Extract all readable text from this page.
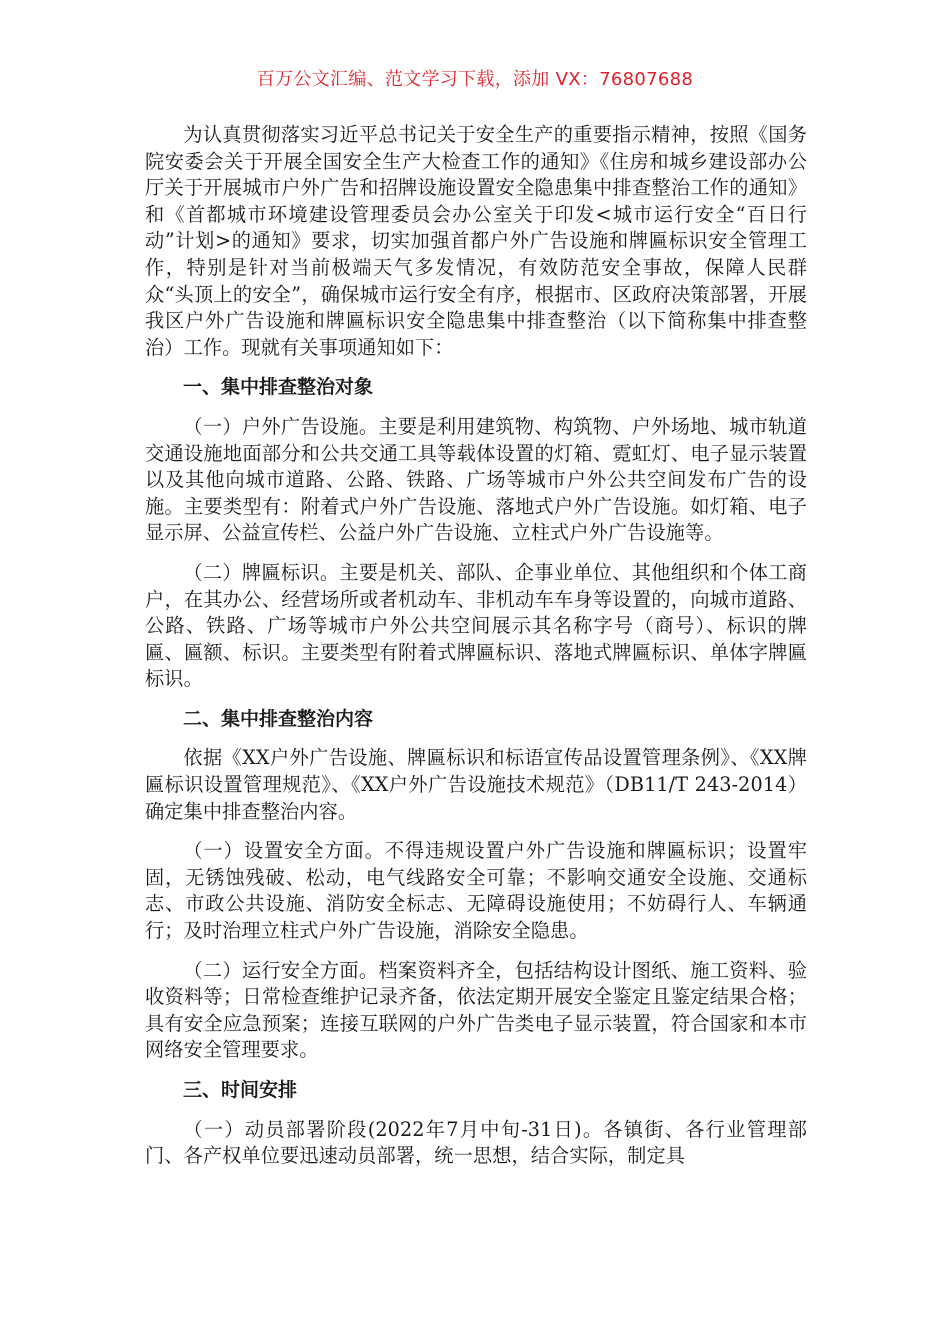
百万公文汇编、范文学习下载，添加 VX：76807688

为认真贯彻落实习近平总书记关于安全生产的重要指示精神，按照《国务院安委会关于开展全国安全生产大检查工作的通知》《住房和城乡建设部办公厅关于开展城市户外广告和招牌设施设置安全隐患集中排查整治工作的通知》和《首都城市环境建设管理委员会办公室关于印发<城市运行安全“百日行动”计划>的通知》要求，切实加强首都户外广告设施和牌匾标识安全管理工作，特别是针对当前极端天气多发情况，有效防范安全事故，保障人民群众“头顶上的安全”，确保城市运行安全有序，根据市、区政府决策部署，开展我区户外广告设施和牌匾标识安全隐患集中排查整治（以下简称集中排查整治）工作。现就有关事项通知如下：

一、集中排查整治对象

（一）户外广告设施。主要是利用建筑物、构筑物、户外场地、城市轨道交通设施地面部分和公共交通工具等载体设置的灯箱、霓虹灯、电子显示装置以及其他向城市道路、公路、铁路、广场等城市户外公共空间发布广告的设施。主要类型有：附着式户外广告设施、落地式户外广告设施。如灯箱、电子显示屏、公益宣传栏、公益户外广告设施、立柱式户外广告设施等。

（二）牌匾标识。主要是机关、部队、企事业单位、其他组织和个体工商户，在其办公、经营场所或者机动车、非机动车车身等设置的，向城市道路、公路、铁路、广场等城市户外公共空间展示其名称字号（商号）、标识的牌匾、匾额、标识。主要类型有附着式牌匾标识、落地式牌匾标识、单体字牌匾标识。

二、集中排查整治内容

依据《XX户外广告设施、牌匾标识和标语宣传品设置管理条例》、《XX牌匾标识设置管理规范》、《XX户外广告设施技术规范》（DB11/T 243-2014）确定集中排查整治内容。

（一）设置安全方面。不得违规设置户外广告设施和牌匾标识；设置牢固，无锈蚀残破、松动，电气线路安全可靠；不影响交通安全设施、交通标志、市政公共设施、消防安全标志、无障碍设施使用；不妨碍行人、车辆通行；及时治理立柱式户外广告设施，消除安全隐患。

（二）运行安全方面。档案资料齐全，包括结构设计图纸、施工资料、验收资料等；日常检查维护记录齐备，依法定期开展安全鉴定且鉴定结果合格；具有安全应急预案；连接互联网的户外广告类电子显示装置，符合国家和本市网络安全管理要求。

三、时间安排

（一）动员部署阶段(2022年7月中旬-31日)。各镇街、各行业管理部门、各产权单位要迅速动员部署，统一思想，结合实际，制定具
